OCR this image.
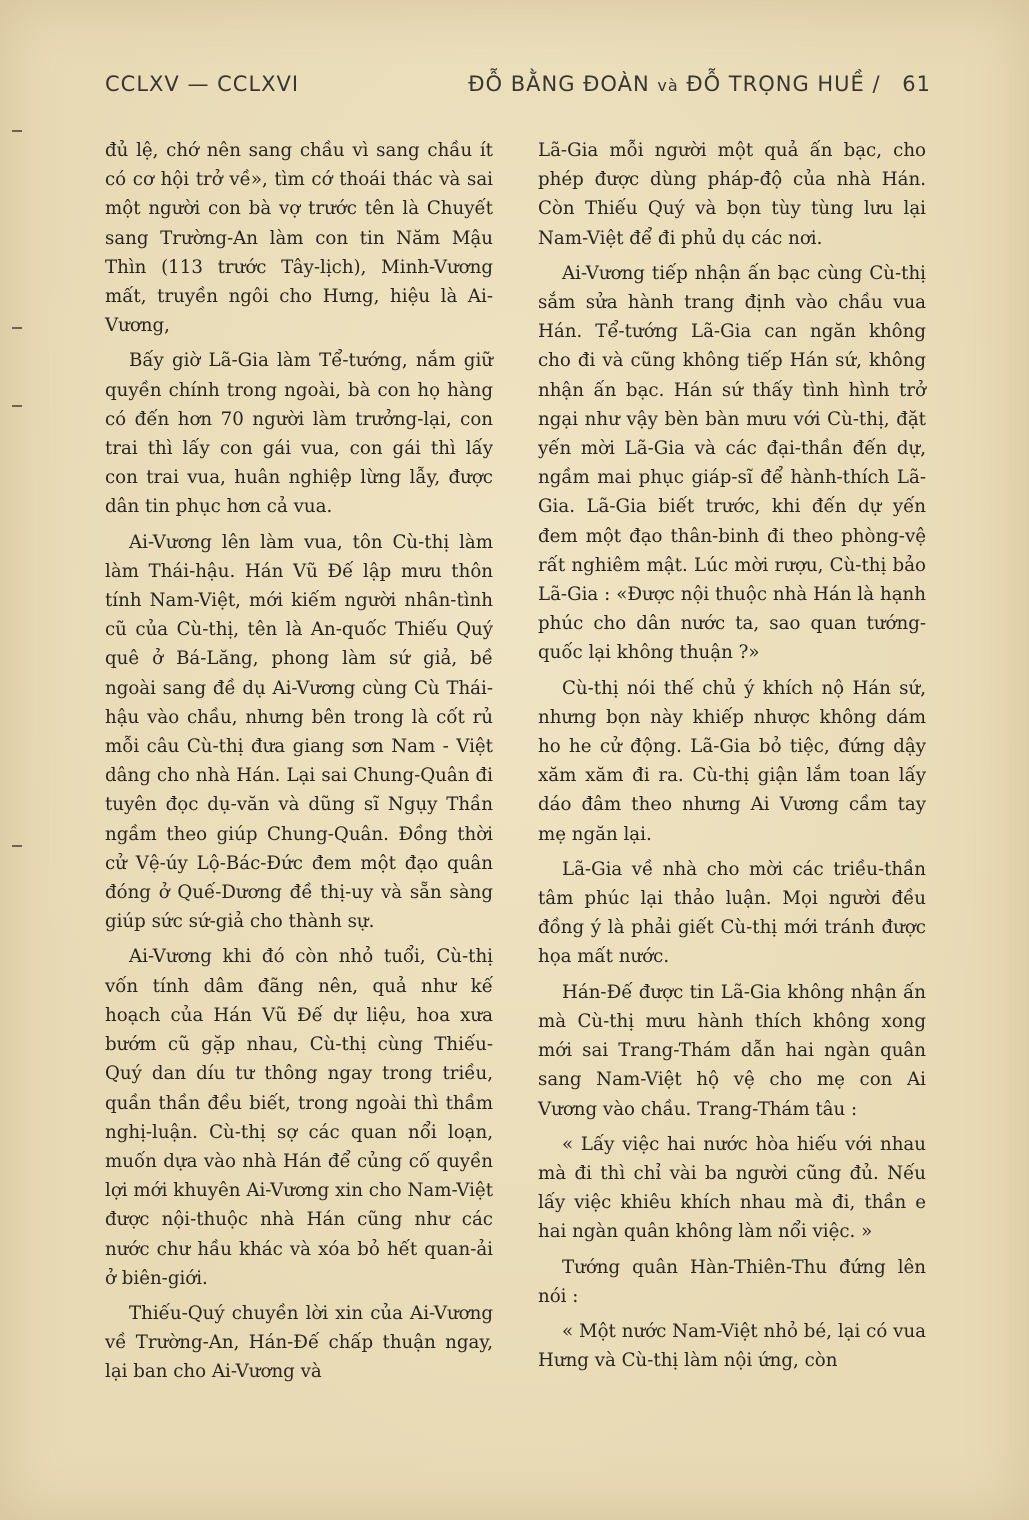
CCLXV — CCLXVI	ĐỖ BẰNG ĐOÀN và ĐỖ TRỌNG HUỀ / 61

đủ lệ, chớ nên sang chầu vì sang chầu ít có cơ hội trở về», tìm cớ thoái thác và sai một người con bà vợ trước tên là Chuyết sang Trường-An làm con tin Năm Mậu Thìn (113 trước Tây-lịch), Minh-Vương mất, truyền ngôi cho Hưng, hiệu là Ai-Vương,

Bấy giờ Lã-Gia làm Tể-tướng, nắm giữ quyền chính trong ngoài, bà con họ hàng có đến hơn 70 người làm trưởng-lại, con trai thì lấy con gái vua, con gái thì lấy con trai vua, huân nghiệp lừng lẫy, được dân tin phục hơn cả vua.

Ai-Vương lên làm vua, tôn Cù-thị làm làm Thái-hậu. Hán Vũ Đế lập mưu thôn tính Nam-Việt, mới kiếm người nhân-tình cũ của Cù-thị, tên là An-quốc Thiếu Quý quê ở Bá-Lăng, phong làm sứ giả, bề ngoài sang đề dụ Ai-Vương cùng Cù Thái-hậu vào chầu, nhưng bên trong là cốt rủ mỗi câu Cù-thị đưa giang sơn Nam - Việt dâng cho nhà Hán. Lại sai Chung-Quân đi tuyên đọc dụ-văn và dũng sĩ Ngụy Thần ngầm theo giúp Chung-Quân. Đồng thời cử Vệ-úy Lộ-Bác-Đức đem một đạo quân đóng ở Quế-Dương đề thị-uy và sẵn sàng giúp sức sứ-giả cho thành sự.

Ai-Vương khi đó còn nhỏ tuổi, Cù-thị vốn tính dâm đãng nên, quả như kế hoạch của Hán Vũ Đế dự liệu, hoa xưa bướm cũ gặp nhau, Cù-thị cùng Thiếu-Quý dan díu tư thông ngay trong triều, quần thần đều biết, trong ngoài thì thầm nghị-luận. Cù-thị sợ các quan nổi loạn, muốn dựa vào nhà Hán để củng cố quyền lợi mới khuyên Ai-Vương xin cho Nam-Việt được nội-thuộc nhà Hán cũng như các nước chư hầu khác và xóa bỏ hết quan-ải ở biên-giới.

Thiếu-Quý chuyền lời xin của Ai-Vương về Trường-An, Hán-Đế chấp thuận ngay, lại ban cho Ai-Vương và

Lã-Gia mỗi người một quả ấn bạc, cho phép được dùng pháp-độ của nhà Hán. Còn Thiếu Quý và bọn tùy tùng lưu lại Nam-Việt để đi phủ dụ các nơi.

Ai-Vương tiếp nhận ấn bạc cùng Cù-thị sắm sửa hành trang định vào chầu vua Hán. Tể-tướng Lã-Gia can ngăn không cho đi và cũng không tiếp Hán sứ, không nhận ấn bạc. Hán sứ thấy tình hình trở ngại như vậy bèn bàn mưu với Cù-thị, đặt yến mời Lã-Gia và các đại-thần đến dự, ngầm mai phục giáp-sĩ để hành-thích Lã-Gia. Lã-Gia biết trước, khi đến dự yến đem một đạo thân-binh đi theo phòng-vệ rất nghiêm mật. Lúc mời rượu, Cù-thị bảo Lã-Gia : «Được nội thuộc nhà Hán là hạnh phúc cho dân nước ta, sao quan tướng-quốc lại không thuận ?»

Cù-thị nói thế chủ ý khích nộ Hán sứ, nhưng bọn này khiếp nhược không dám ho he cử động. Lã-Gia bỏ tiệc, đứng dậy xăm xăm đi ra. Cù-thị giận lắm toan lấy dáo đâm theo nhưng Ai Vương cầm tay mẹ ngăn lại.

Lã-Gia về nhà cho mời các triều-thần tâm phúc lại thảo luận. Mọi người đều đồng ý là phải giết Cù-thị mới tránh được họa mất nước.

Hán-Đế được tin Lã-Gia không nhận ấn mà Cù-thị mưu hành thích không xong mới sai Trang-Thám dẫn hai ngàn quân sang Nam-Việt hộ vệ cho mẹ con Ai Vương vào chầu. Trang-Thám tâu :

« Lấy việc hai nước hòa hiếu với nhau mà đi thì chỉ vài ba người cũng đủ. Nếu lấy việc khiêu khích nhau mà đi, thần e hai ngàn quân không làm nổi việc. »

Tướng quân Hàn-Thiên-Thu đứng lên nói :

« Một nước Nam-Việt nhỏ bé, lại có vua Hưng và Cù-thị làm nội ứng, còn
